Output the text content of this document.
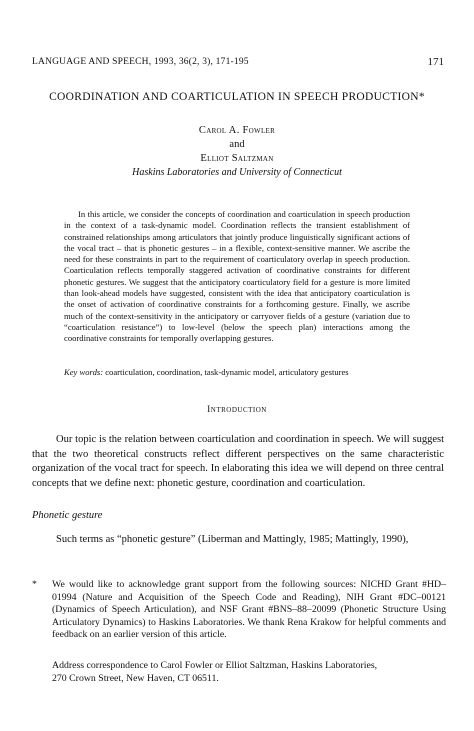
LANGUAGE AND SPEECH, 1993, 36(2, 3), 171-195	171
COORDINATION AND COARTICULATION IN SPEECH PRODUCTION*
Carol A. Fowler
and
Elliot Saltzman
Haskins Laboratories and University of Connecticut

In this article, we consider the concepts of coordination and coarticulation in speech production in the context of a task-dynamic model. Coordination reflects the transient establishment of constrained relationships among articulators that jointly produce linguistically significant actions of the vocal tract – that is phonetic gestures – in a flexible, context-sensitive manner. We ascribe the need for these constraints in part to the requirement of coarticulatory overlap in speech production. Coarticulation reflects temporally staggered activation of coordinative constraints for different phonetic gestures. We suggest that the anticipatory coarticulatory field for a gesture is more limited than look-ahead models have suggested, consistent with the idea that anticipatory coarticulation is the onset of activation of coordinative constraints for a forthcoming gesture. Finally, we ascribe much of the context-sensitivity in the anticipatory or carryover fields of a gesture (variation due to “coarticulation resistance”) to low-level (below the speech plan) interactions among the coordinative constraints for temporally overlapping gestures.

Key words: coarticulation, coordination, task-dynamic model, articulatory gestures
Introduction

Our topic is the relation between coarticulation and coordination in speech. We will suggest that the two theoretical constructs reflect different perspectives on the same characteristic organization of the vocal tract for speech. In elaborating this idea we will depend on three central concepts that we define next: phonetic gesture, coordination and coarticulation.

Phonetic gesture

Such terms as “phonetic gesture” (Liberman and Mattingly, 1985; Mattingly, 1990),

* We would like to acknowledge grant support from the following sources: NICHD Grant #HD–01994 (Nature and Acquisition of the Speech Code and Reading), NIH Grant #DC–00121 (Dynamics of Speech Articulation), and NSF Grant #BNS–88–20099 (Phonetic Structure Using Articulatory Dynamics) to Haskins Laboratories. We thank Rena Krakow for helpful comments and feedback on an earlier version of this article.
Address correspondence to Carol Fowler or Elliot Saltzman, Haskins Laboratories,
270 Crown Street, New Haven, CT 06511.
